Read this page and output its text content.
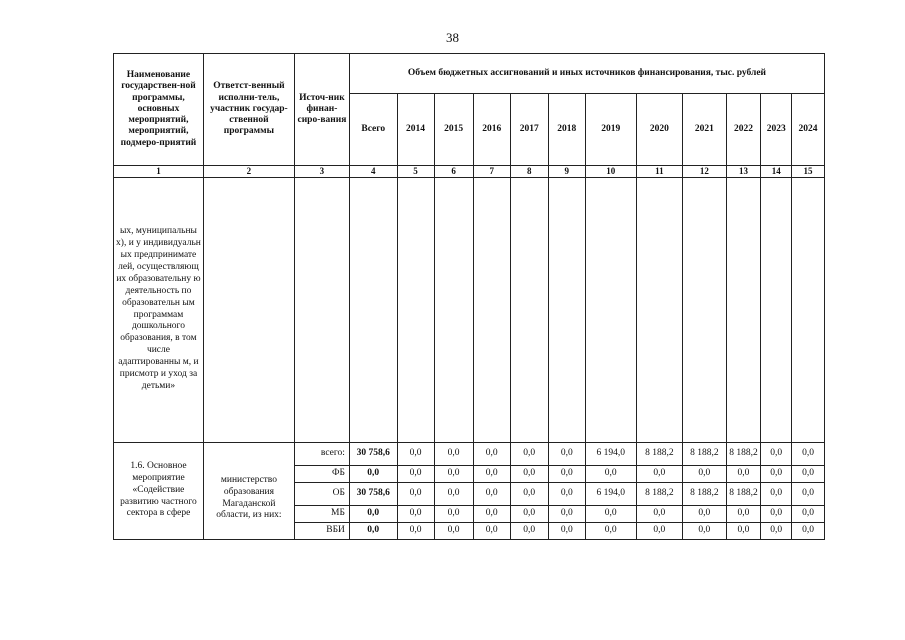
38
Наименование государствен-ной программы, основных мероприятий, мероприятий, подмеро-приятий	Ответст-венный исполни-тель, участник государ-ственной программы	Источ-ник финан-сиро-вания	Объем бюджетных ассигнований и иных источников финансирования, тыс. рублей											
			Всего	2014	2015	2016	2017	2018	2019	2020	2021	2022	2023	2024
1	2	3	4	5	6	7	8	9	10	11	12	13	14	15
ых, муниципальны х), и у индивидуальн ых предпринимате лей, осуществляющ их образовательну ю деятельность по образовательн ым программам дошкольного образования, в том числе адаптированны м, и присмотр и уход за детьми»														
1.6. Основное мероприятие «Содействие развитию частного сектора в сфере	министерство образования Магаданской области, из них:	всего:	30 758,6	0,0	0,0	0,0	0,0	0,0	6 194,0	8 188,2	8 188,2	8 188,2	0,0	0,0
		ФБ	0,0	0,0	0,0	0,0	0,0	0,0	0,0	0,0	0,0	0,0	0,0	0,0
		ОБ	30 758,6	0,0	0,0	0,0	0,0	0,0	6 194,0	8 188,2	8 188,2	8 188,2	0,0	0,0
		МБ	0,0	0,0	0,0	0,0	0,0	0,0	0,0	0,0	0,0	0,0	0,0	0,0
		ВБИ	0,0	0,0	0,0	0,0	0,0	0,0	0,0	0,0	0,0	0,0	0,0	0,0
